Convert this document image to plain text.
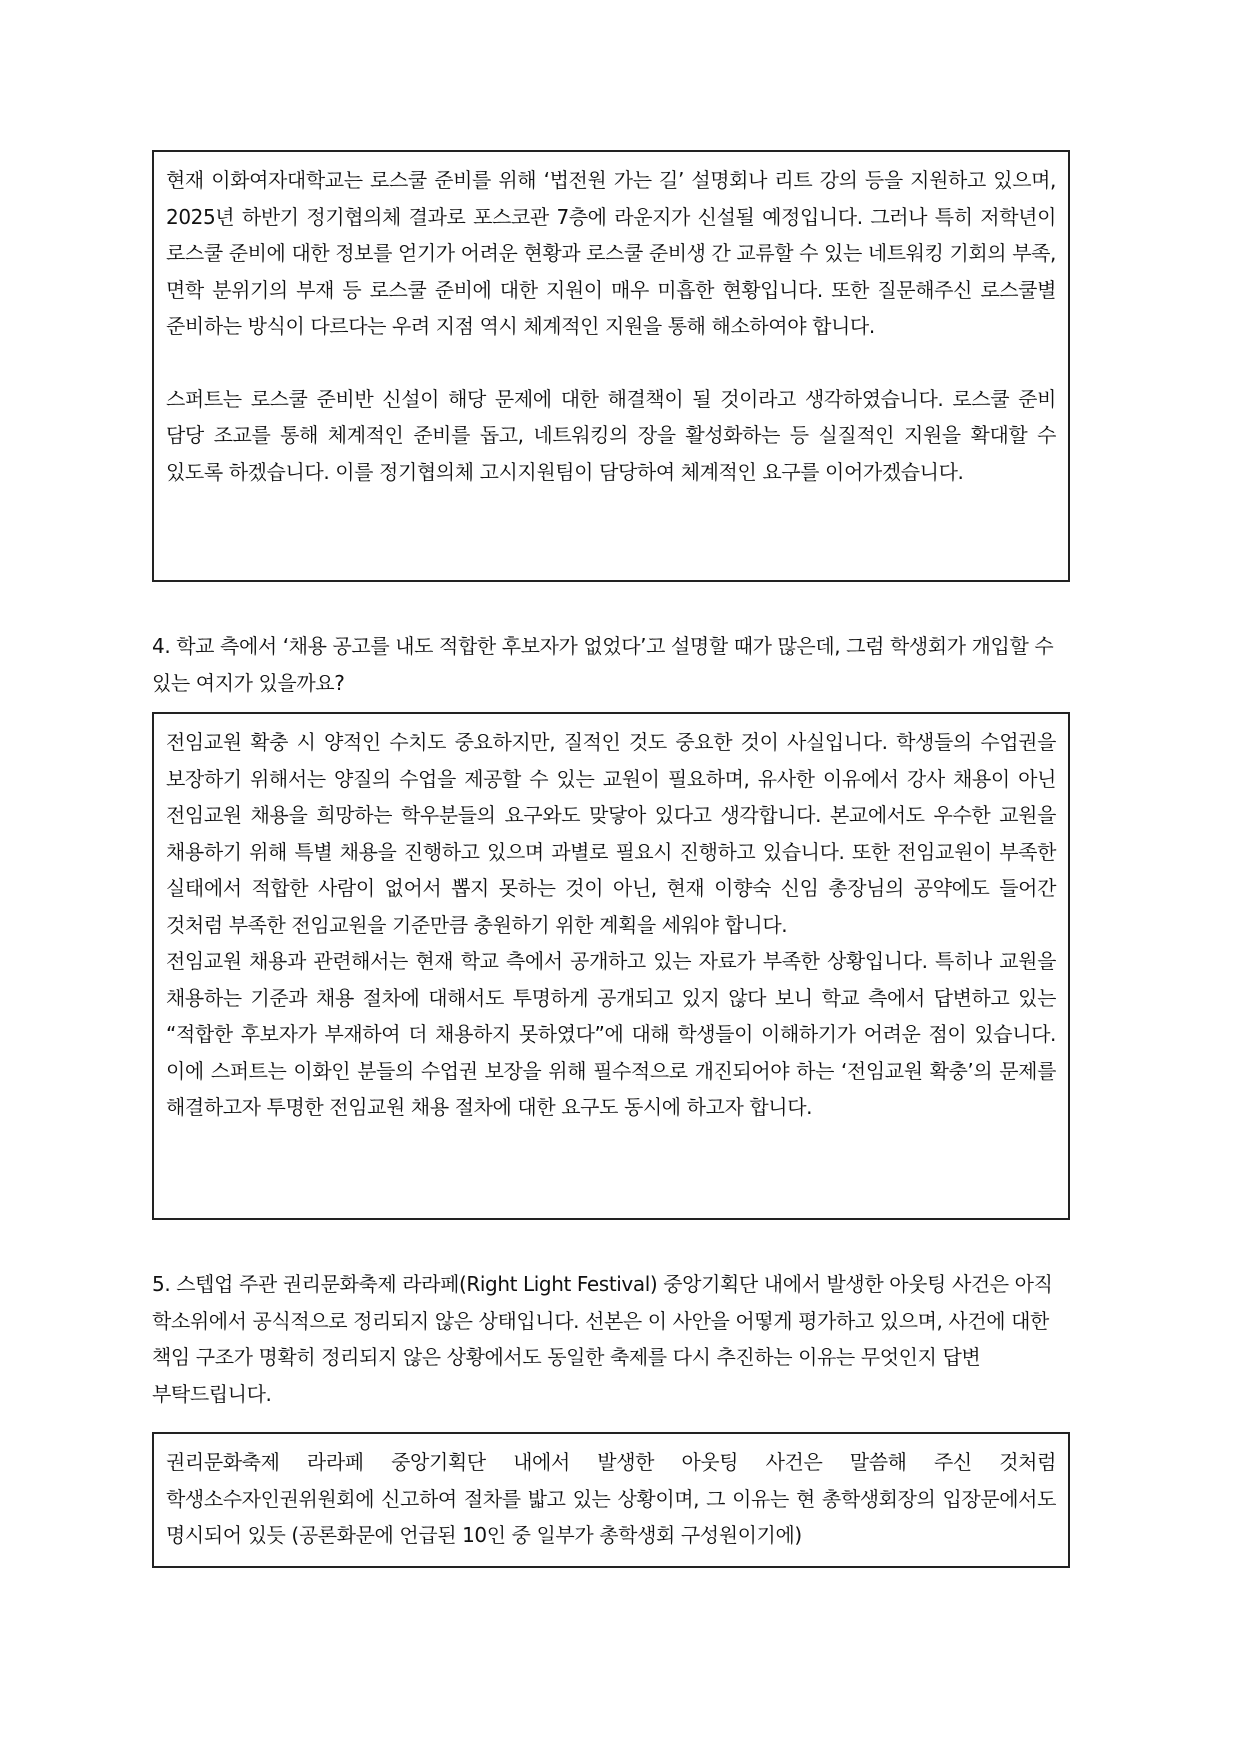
현재 이화여자대학교는 로스쿨 준비를 위해 ‘법전원 가는 길’ 설명회나 리트 강의 등을 지원하고 있으며, 2025년 하반기 정기협의체 결과로 포스코관 7층에 라운지가 신설될 예정입니다. 그러나 특히 저학년이 로스쿨 준비에 대한 정보를 얻기가 어려운 현황과 로스쿨 준비생 간 교류할 수 있는 네트워킹 기회의 부족, 면학 분위기의 부재 등 로스쿨 준비에 대한 지원이 매우 미흡한 현황입니다. 또한 질문해주신 로스쿨별 준비하는 방식이 다르다는 우려 지점 역시 체계적인 지원을 통해 해소하여야 합니다.

스퍼트는 로스쿨 준비반 신설이 해당 문제에 대한 해결책이 될 것이라고 생각하였습니다. 로스쿨 준비 담당 조교를 통해 체계적인 준비를 돕고, 네트워킹의 장을 활성화하는 등 실질적인 지원을 확대할 수 있도록 하겠습니다. 이를 정기협의체 고시지원팀이 담당하여 체계적인 요구를 이어가겠습니다.

4. 학교 측에서 ‘채용 공고를 내도 적합한 후보자가 없었다’고 설명할 때가 많은데, 그럼 학생회가 개입할 수 있는 여지가 있을까요?

전임교원 확충 시 양적인 수치도 중요하지만, 질적인 것도 중요한 것이 사실입니다. 학생들의 수업권을 보장하기 위해서는 양질의 수업을 제공할 수 있는 교원이 필요하며, 유사한 이유에서 강사 채용이 아닌 전임교원 채용을 희망하는 학우분들의 요구와도 맞닿아 있다고 생각합니다. 본교에서도 우수한 교원을 채용하기 위해 특별 채용을 진행하고 있으며 과별로 필요시 진행하고 있습니다. 또한 전임교원이 부족한 실태에서 적합한 사람이 없어서 뽑지 못하는 것이 아닌, 현재 이향숙 신임 총장님의 공약에도 들어간 것처럼 부족한 전임교원을 기준만큼 충원하기 위한 계획을 세워야 합니다.

전임교원 채용과 관련해서는 현재 학교 측에서 공개하고 있는 자료가 부족한 상황입니다. 특히나 교원을 채용하는 기준과 채용 절차에 대해서도 투명하게 공개되고 있지 않다 보니 학교 측에서 답변하고 있는 “적합한 후보자가 부재하여 더 채용하지 못하였다”에 대해 학생들이 이해하기가 어려운 점이 있습니다. 이에 스퍼트는 이화인 분들의 수업권 보장을 위해 필수적으로 개진되어야 하는 ‘전임교원 확충’의 문제를 해결하고자 투명한 전임교원 채용 절차에 대한 요구도 동시에 하고자 합니다.

5. 스텝업 주관 권리문화축제 라라페(Right Light Festival) 중앙기획단 내에서 발생한 아웃팅 사건은 아직 학소위에서 공식적으로 정리되지 않은 상태입니다. 선본은 이 사안을 어떻게 평가하고 있으며, 사건에 대한 책임 구조가 명확히 정리되지 않은 상황에서도 동일한 축제를 다시 추진하는 이유는 무엇인지 답변 부탁드립니다.

권리문화축제 라라페 중앙기획단 내에서 발생한 아웃팅 사건은 말씀해 주신 것처럼 학생소수자인권위원회에 신고하여 절차를 밟고 있는 상황이며, 그 이유는 현 총학생회장의 입장문에서도 명시되어 있듯 (공론화문에 언급된 10인 중 일부가 총학생회 구성원이기에)
